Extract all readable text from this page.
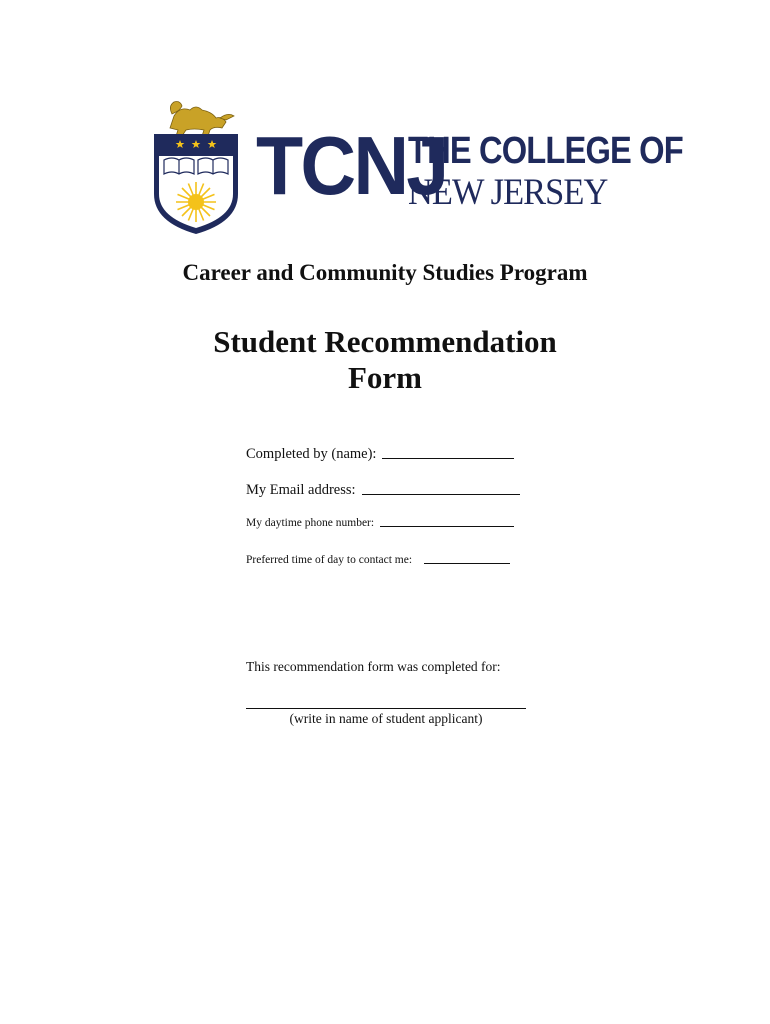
TCNJ
THE COLLEGE OF
NEW JERSEY
Career and Community Studies Program
Student Recommendation
Form
Completed by (name):
My Email address:
My daytime phone number:
Preferred time of day to contact me:
This recommendation form was completed for:
(write in name of student applicant)
